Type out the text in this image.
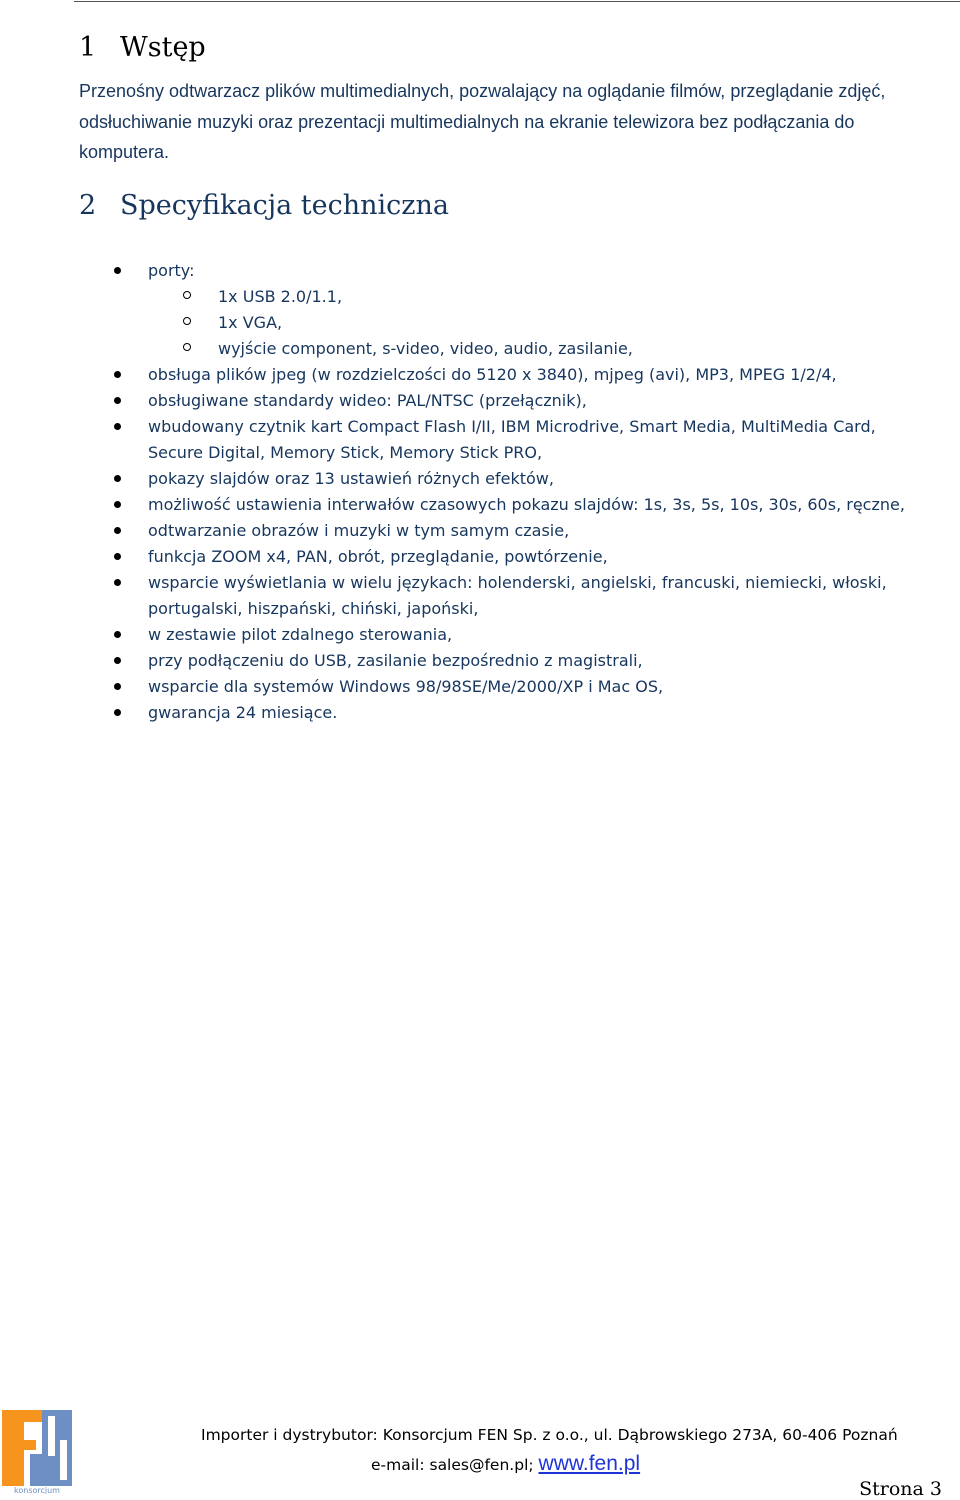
1 Wstęp

Przenośny odtwarzacz plików multimedialnych, pozwalający na oglądanie filmów, przeglądanie zdjęć, odsłuchiwanie muzyki oraz prezentacji multimedialnych na ekranie telewizora bez podłączania do komputera.

2 Specyfikacja techniczna
porty:
1x USB 2.0/1.1,
1x VGA,
wyjście component, s-video, video, audio, zasilanie,
obsługa plików jpeg (w rozdzielczości do 5120 x 3840), mjpeg (avi), MP3, MPEG 1/2/4,
obsługiwane standardy wideo: PAL/NTSC (przełącznik),
wbudowany czytnik kart Compact Flash I/II, IBM Microdrive, Smart Media, MultiMedia Card,
Secure Digital, Memory Stick, Memory Stick PRO,
pokazy slajdów oraz 13 ustawień różnych efektów,
możliwość ustawienia interwałów czasowych pokazu slajdów: 1s, 3s, 5s, 10s, 30s, 60s, ręczne,
odtwarzanie obrazów i muzyki w tym samym czasie,
funkcja ZOOM x4, PAN, obrót, przeglądanie, powtórzenie,
wsparcie wyświetlania w wielu językach: holenderski, angielski, francuski, niemiecki, włoski,
portugalski, hiszpański, chiński, japoński,
w zestawie pilot zdalnego sterowania,
przy podłączeniu do USB, zasilanie bezpośrednio z magistrali,
wsparcie dla systemów Windows 98/98SE/Me/2000/XP i Mac OS,
gwarancja 24 miesiące.
konsorcjum

Importer i dystrybutor: Konsorcjum FEN Sp. z o.o., ul. Dąbrowskiego 273A, 60-406 Poznań

e-mail: sales@fen.pl; www.fen.pl

Strona 3
